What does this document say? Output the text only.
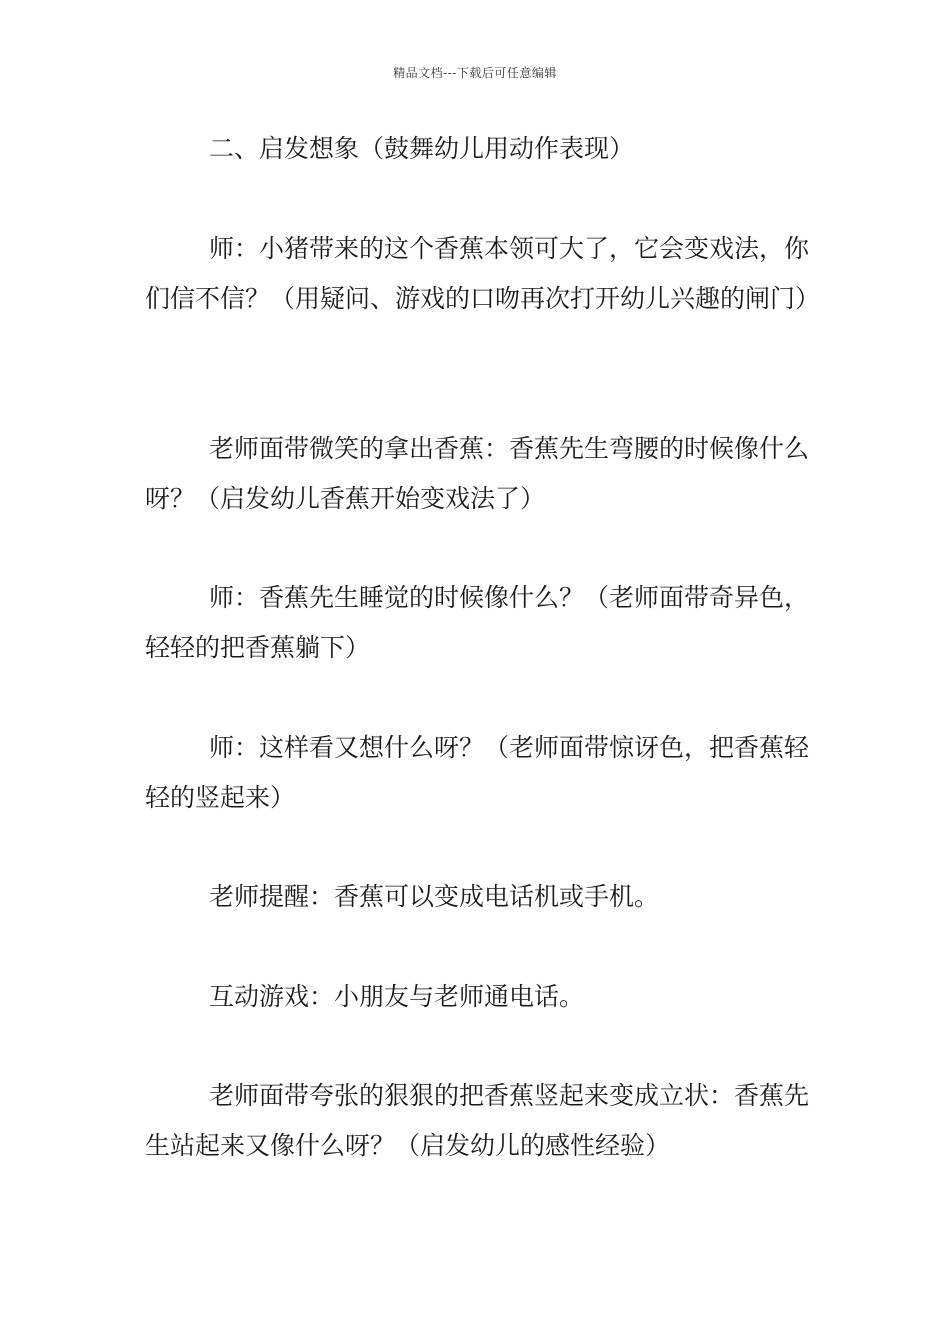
精品文档---下载后可任意编辑

二、启发想象（鼓舞幼儿用动作表现）

师：小猪带来的这个香蕉本领可大了，它会变戏法，你们信不信？（用疑问、游戏的口吻再次打开幼儿兴趣的闸门）

老师面带微笑的拿出香蕉：香蕉先生弯腰的时候像什么呀？（启发幼儿香蕉开始变戏法了）

师：香蕉先生睡觉的时候像什么？（老师面带奇异色，轻轻的把香蕉躺下）

师：这样看又想什么呀？（老师面带惊讶色，把香蕉轻轻的竖起来）

老师提醒：香蕉可以变成电话机或手机。

互动游戏：小朋友与老师通电话。

老师面带夸张的狠狠的把香蕉竖起来变成立状：香蕉先生站起来又像什么呀？（启发幼儿的感性经验）
